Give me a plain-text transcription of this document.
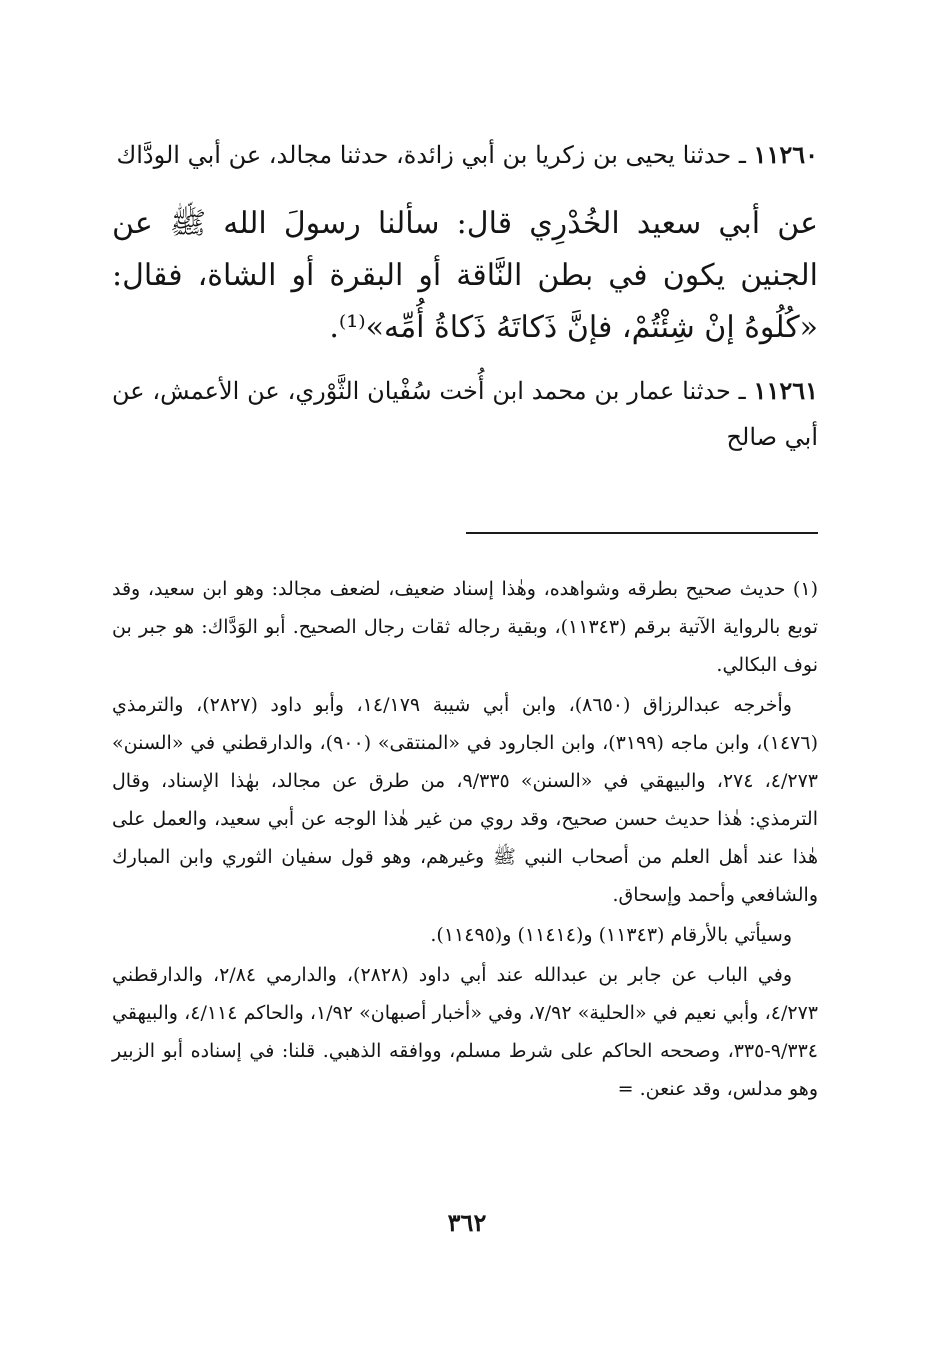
١١٢٦٠ ـ حدثنا يحيى بن زكريا بن أبي زائدة، حدثنا مجالد، عن أبي الودَّاك

عن أبي سعيد الخُدْرِي قال: سألنا رسولَ الله ﷺ عن الجنين يكون في بطن النَّاقة أو البقرة أو الشاة، فقال: «كُلُوهُ إنْ شِئْتُمْ، فإنَّ ذَكاتَهُ ذَكاةُ أُمِّه»⁽¹⁾.

١١٢٦١ ـ حدثنا عمار بن محمد ابن أُخت سُفْيان الثَّوْري، عن الأعمش، عن أبي صالح

(١) حديث صحيح بطرقه وشواهده، وهٰذا إسناد ضعيف، لضعف مجالد: وهو ابن سعيد، وقد توبع بالرواية الآتية برقم (١١٣٤٣)، وبقية رجاله ثقات رجال الصحيح. أبو الوَدَّاك: هو جبر بن نوف البكالي.

وأخرجه عبدالرزاق (٨٦٥٠)، وابن أبي شيبة ١٤/١٧٩، وأبو داود (٢٨٢٧)، والترمذي (١٤٧٦)، وابن ماجه (٣١٩٩)، وابن الجارود في «المنتقى» (٩٠٠)، والدارقطني في «السنن» ٤/٢٧٣، ٢٧٤، والبيهقي في «السنن» ٩/٣٣٥، من طرق عن مجالد، بهٰذا الإسناد، وقال الترمذي: هٰذا حديث حسن صحيح، وقد روي من غير هٰذا الوجه عن أبي سعيد، والعمل على هٰذا عند أهل العلم من أصحاب النبي ﷺ وغيرهم، وهو قول سفيان الثوري وابن المبارك والشافعي وأحمد وإسحاق.

وسيأتي بالأرقام (١١٣٤٣) و(١١٤١٤) و(١١٤٩٥).

وفي الباب عن جابر بن عبدالله عند أبي داود (٢٨٢٨)، والدارمي ٢/٨٤، والدارقطني ٤/٢٧٣، وأبي نعيم في «الحلية» ٧/٩٢، وفي «أخبار أصبهان» ١/٩٢، والحاكم ٤/١١٤، والبيهقي ٩/٣٣٤-٣٣٥، وصححه الحاكم على شرط مسلم، ووافقه الذهبي. قلنا: في إسناده أبو الزبير وهو مدلس، وقد عنعن. =

٣٦٢
